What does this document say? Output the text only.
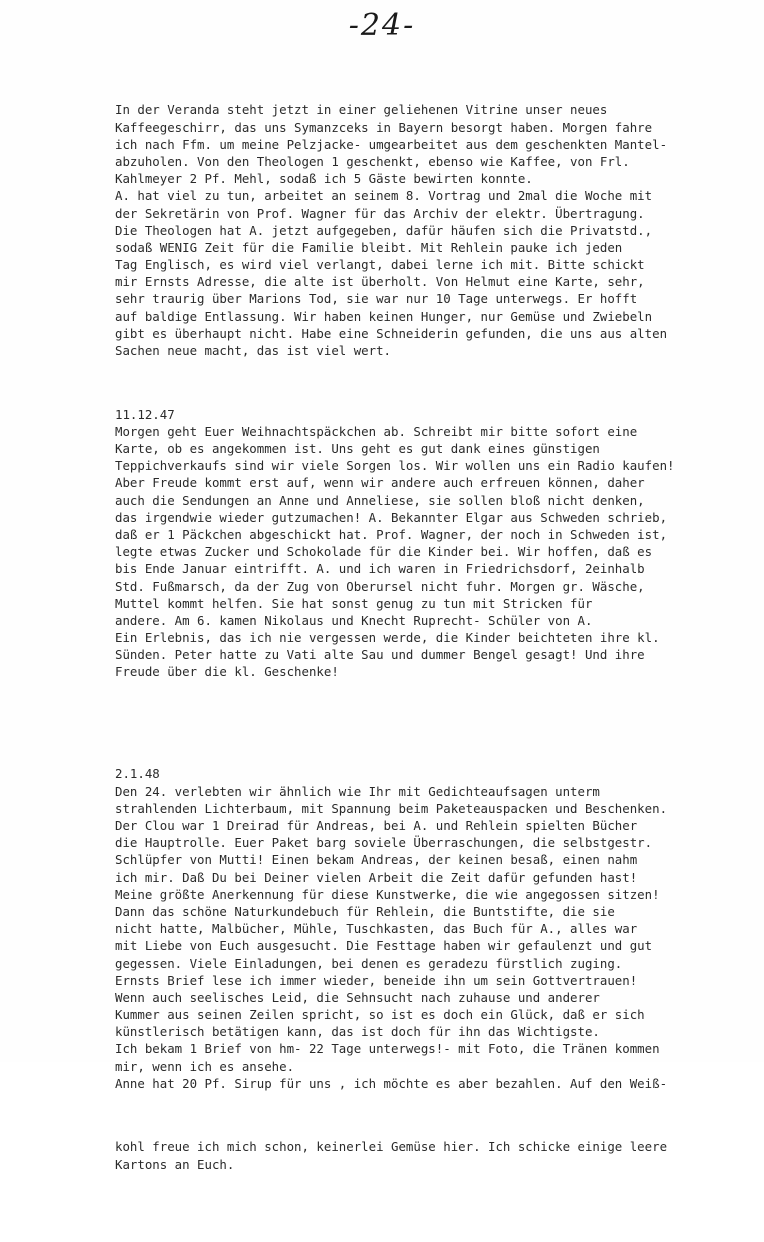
-24-

In der Veranda steht jetzt in einer geliehenen Vitrine unser neues
Kaffeegeschirr, das uns Symanzceks in Bayern besorgt haben. Morgen fahre
ich nach Ffm. um meine Pelzjacke- umgearbeitet aus dem geschenkten Mantel-
abzuholen. Von den Theologen 1 geschenkt, ebenso wie Kaffee, von Frl.
Kahlmeyer 2 Pf. Mehl, sodaß ich 5 Gäste bewirten konnte.
A. hat viel zu tun, arbeitet an seinem 8. Vortrag und 2mal die Woche mit
der Sekretärin von Prof. Wagner für das Archiv der elektr. Übertragung.
Die Theologen hat A. jetzt aufgegeben, dafür häufen sich die Privatstd.,
sodaß WENIG Zeit für die Familie bleibt. Mit Rehlein pauke ich jeden
Tag Englisch, es wird viel verlangt, dabei lerne ich mit. Bitte schickt
mir Ernsts Adresse, die alte ist überholt. Von Helmut eine Karte, sehr,
sehr traurig über Marions Tod, sie war nur 10 Tage unterwegs. Er hofft
auf baldige Entlassung. Wir haben keinen Hunger, nur Gemüse und Zwiebeln
gibt es überhaupt nicht. Habe eine Schneiderin gefunden, die uns aus alten
Sachen neue macht, das ist viel wert.

11.12.47
Morgen geht Euer Weihnachtspäckchen ab. Schreibt mir bitte sofort eine
Karte, ob es angekommen ist. Uns geht es gut dank eines günstigen
Teppichverkaufs sind wir viele Sorgen los. Wir wollen uns ein Radio kaufen!
Aber Freude kommt erst auf, wenn wir andere auch erfreuen können, daher
auch die Sendungen an Anne und Anneliese, sie sollen bloß nicht denken,
das irgendwie wieder gutzumachen! A. Bekannter Elgar aus Schweden schrieb,
daß er 1 Päckchen abgeschickt hat. Prof. Wagner, der noch in Schweden ist,
legte etwas Zucker und Schokolade für die Kinder bei. Wir hoffen, daß es
bis Ende Januar eintrifft. A. und ich waren in Friedrichsdorf, 2einhalb
Std. Fußmarsch, da der Zug von Oberursel nicht fuhr. Morgen gr. Wäsche,
Muttel kommt helfen. Sie hat sonst genug zu tun mit Stricken für
andere. Am 6. kamen Nikolaus und Knecht Ruprecht- Schüler von A.
Ein Erlebnis, das ich nie vergessen werde, die Kinder beichteten ihre kl.
Sünden. Peter hatte zu Vati alte Sau und dummer Bengel gesagt! Und ihre
Freude über die kl. Geschenke!

2.1.48
Den 24. verlebten wir ähnlich wie Ihr mit Gedichteaufsagen unterm
strahlenden Lichterbaum, mit Spannung beim Paketeauspacken und Beschenken.
Der Clou war 1 Dreirad für Andreas, bei A. und Rehlein spielten Bücher
die Hauptrolle. Euer Paket barg soviele Überraschungen, die selbstgestr.
Schlüpfer von Mutti! Einen bekam Andreas, der keinen besaß, einen nahm
ich mir. Daß Du bei Deiner vielen Arbeit die Zeit dafür gefunden hast!
Meine größte Anerkennung für diese Kunstwerke, die wie angegossen sitzen!
Dann das schöne Naturkundebuch für Rehlein, die Buntstifte, die sie
nicht hatte, Malbücher, Mühle, Tuschkasten, das Buch für A., alles war
mit Liebe von Euch ausgesucht. Die Festtage haben wir gefaulenzt und gut
gegessen. Viele Einladungen, bei denen es geradezu fürstlich zuging.
Ernsts Brief lese ich immer wieder, beneide ihn um sein Gottvertrauen!
Wenn auch seelisches Leid, die Sehnsucht nach zuhause und anderer
Kummer aus seinen Zeilen spricht, so ist es doch ein Glück, daß er sich
künstlerisch betätigen kann, das ist doch für ihn das Wichtigste.
Ich bekam 1 Brief von hm- 22 Tage unterwegs!- mit Foto, die Tränen kommen
mir, wenn ich es ansehe.
Anne hat 20 Pf. Sirup für uns , ich möchte es aber bezahlen. Auf den Weiß-

kohl freue ich mich schon, keinerlei Gemüse hier. Ich schicke einige leere
Kartons an Euch.
